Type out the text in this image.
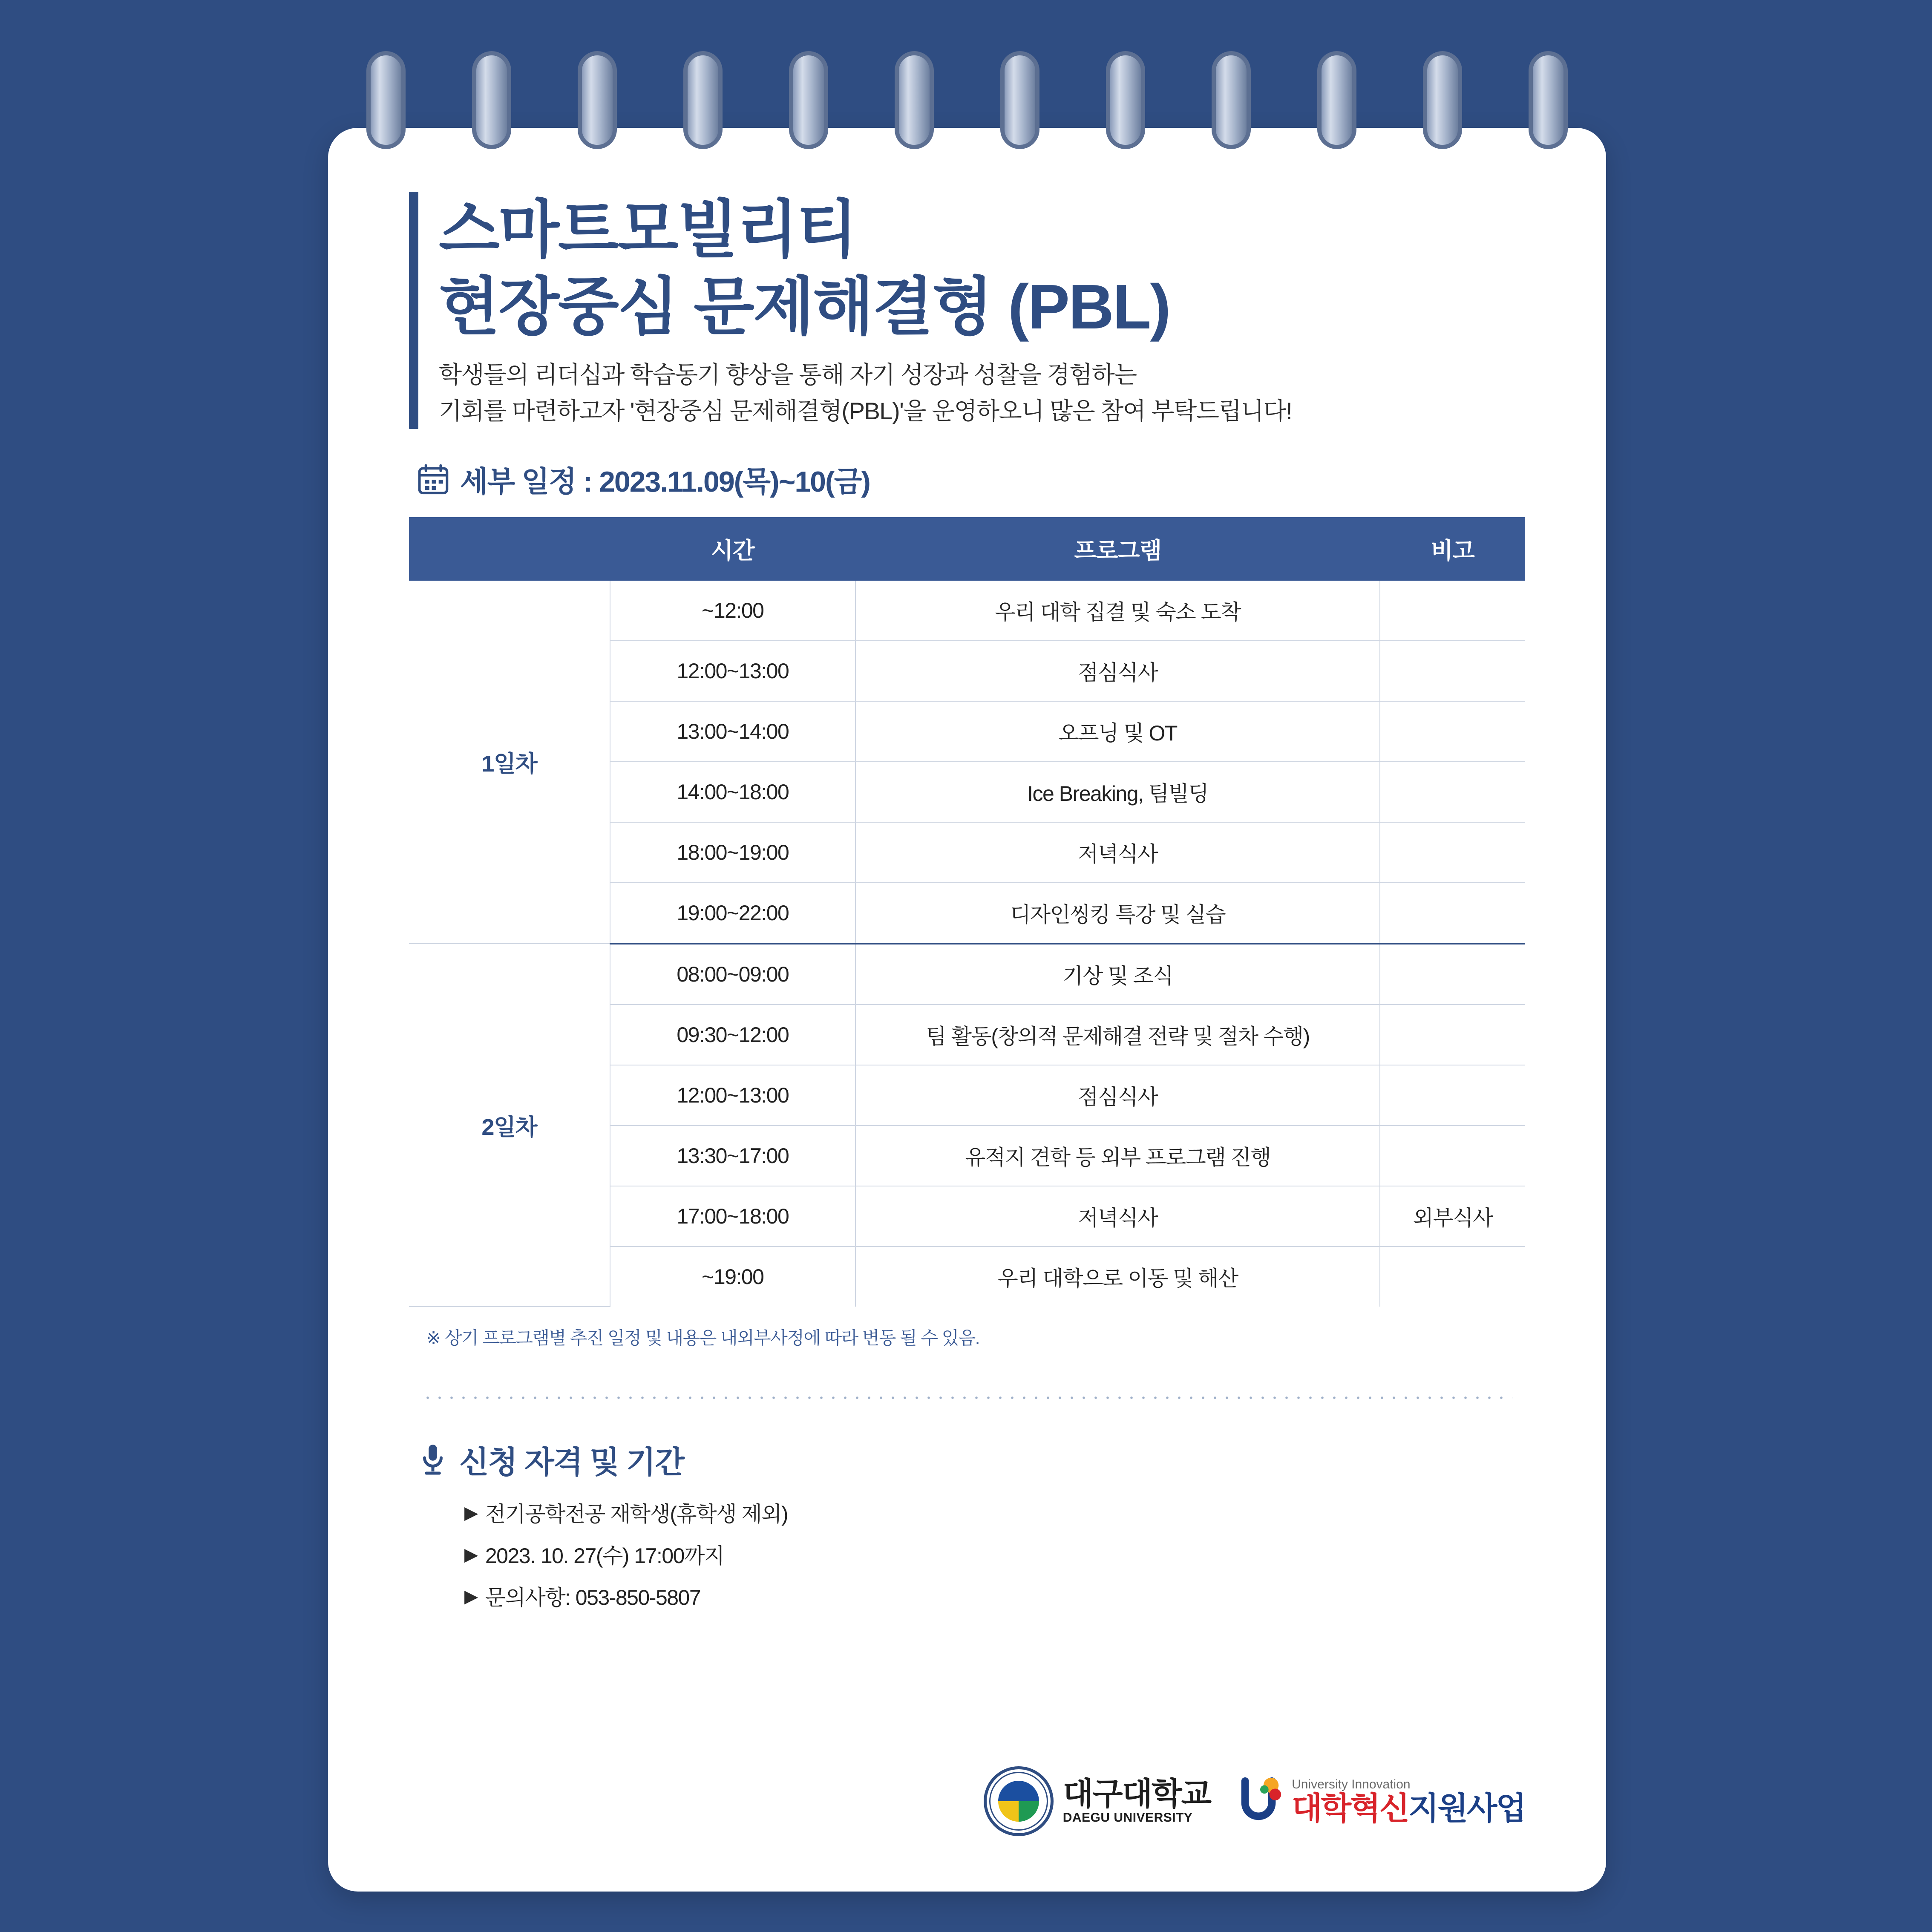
스마트모빌리티
현장중심 문제해결형 (PBL)
학생들의 리더십과 학습동기 향상을 통해 자기 성장과 성찰을 경험하는
기회를 마련하고자 '현장중심 문제해결형(PBL)'을 운영하오니 많은 참여 부탁드립니다!
세부 일정 : 2023.11.09(목)~10(금)
	시간	프로그램	비고
1일차	~12:00	우리 대학 집결 및 숙소 도착	
	12:00~13:00	점심식사	
	13:00~14:00	오프닝 및 OT	
	14:00~18:00	Ice Breaking, 팀빌딩	
	18:00~19:00	저녁식사	
	19:00~22:00	디자인씽킹 특강 및 실습	
2일차	08:00~09:00	기상 및 조식	
	09:30~12:00	팀 활동(창의적 문제해결 전략 및 절차 수행)	
	12:00~13:00	점심식사	
	13:30~17:00	유적지 견학 등 외부 프로그램 진행	
	17:00~18:00	저녁식사	외부식사
	~19:00	우리 대학으로 이동 및 해산	
※ 상기 프로그램별 추진 일정 및 내용은 내외부사정에 따라 변동 될 수 있음.
신청 자격 및 기간
▶ 전기공학전공 재학생(휴학생 제외)
▶ 2023. 10. 27(수) 17:00까지
▶ 문의사항: 053-850-5807
대구대학교
DAEGU UNIVERSITY
University Innovation
대학혁신지원사업
